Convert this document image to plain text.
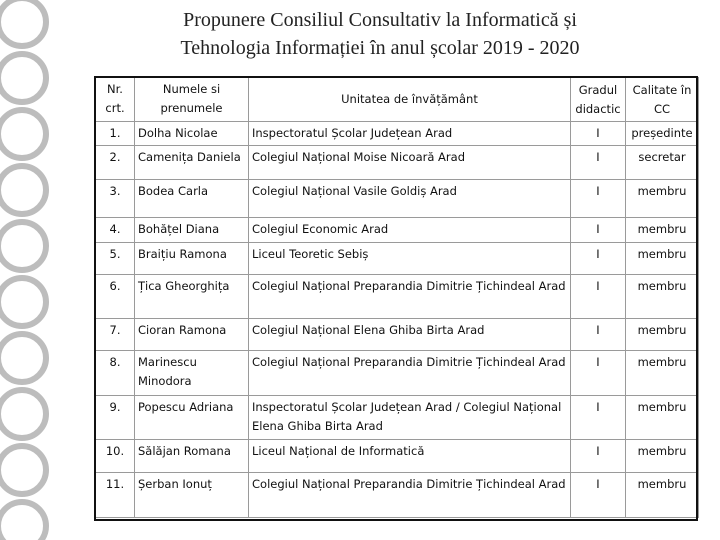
Propunere Consiliul Consultativ la Informatică și
Tehnologia Informației în anul școlar 2019 - 2020
Nr. crt.	Numele si prenumele	Unitatea de învățământ	Gradul didactic	Calitate în CC
1.	Dolha Nicolae	Inspectoratul Școlar Județean Arad	I	președinte
2.	Camenița Daniela	Colegiul Național Moise Nicoară Arad	I	secretar
3.	Bodea Carla	Colegiul Național Vasile Goldiș Arad	I	membru
4.	Bohățel Diana	Colegiul Economic Arad	I	membru
5.	Braițiu Ramona	Liceul Teoretic Sebiș	I	membru
6.	Țica Gheorghița	Colegiul Național Preparandia Dimitrie Țichindeal Arad	I	membru
7.	Cioran Ramona	Colegiul Național Elena Ghiba Birta Arad	I	membru
8.	Marinescu Minodora	Colegiul Național Preparandia Dimitrie Țichindeal Arad	I	membru
9.	Popescu Adriana	Inspectoratul Școlar Județean Arad / Colegiul Național Elena Ghiba Birta Arad	I	membru
10.	Sălăjan Romana	Liceul Național de Informatică	I	membru
11.	Șerban Ionuț	Colegiul Național Preparandia Dimitrie Țichindeal Arad	I	membru
